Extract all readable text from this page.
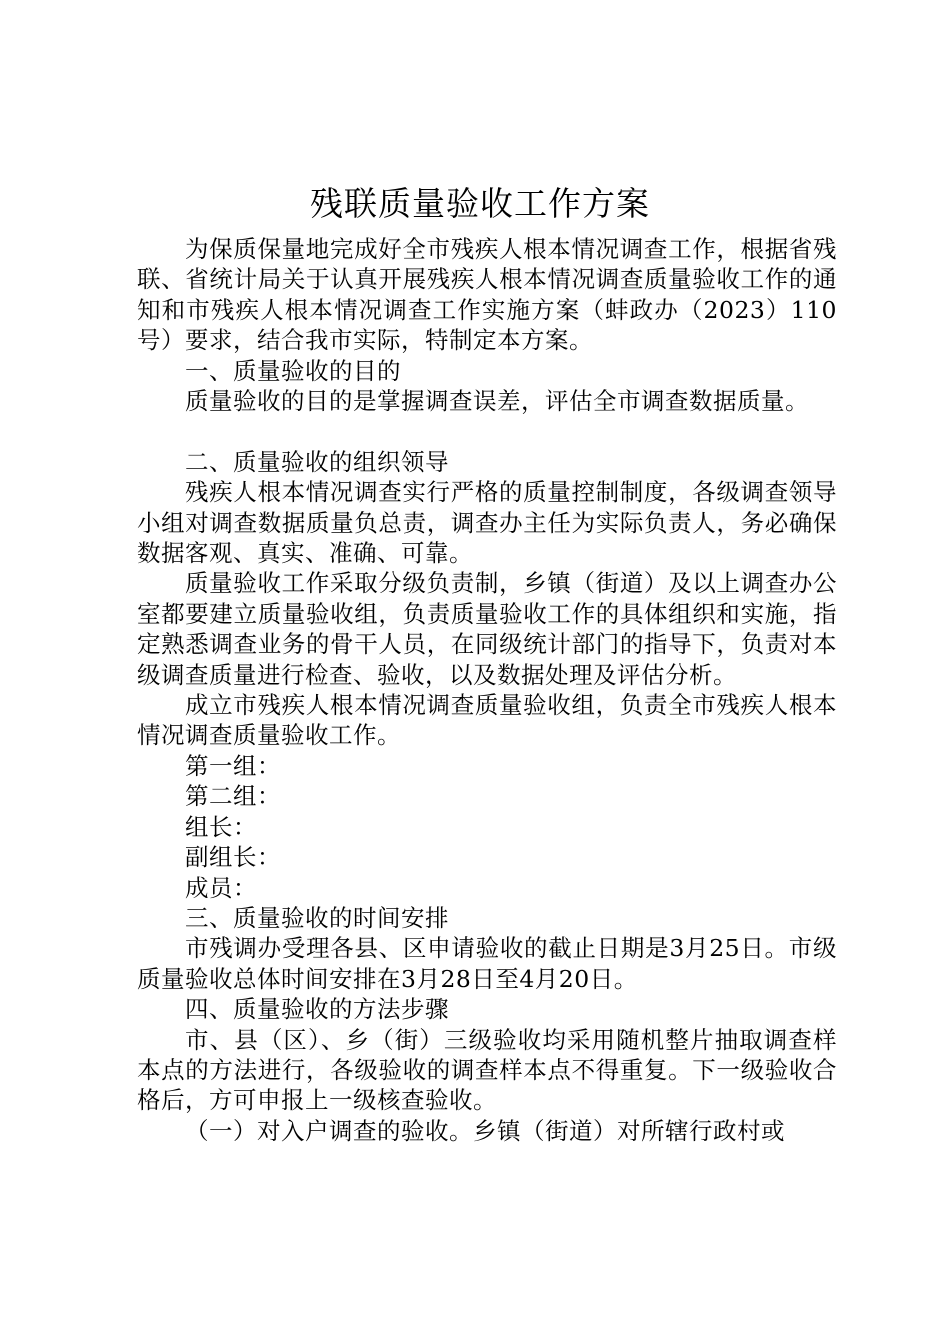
残联质量验收工作方案

为保质保量地完成好全市残疾人根本情况调查工作，根据省残联、省统计局关于认真开展残疾人根本情况调查质量验收工作的通知和市残疾人根本情况调查工作实施方案（蚌政办（2023）110号）要求，结合我市实际，特制定本方案。

一、质量验收的目的

质量验收的目的是掌握调查误差，评估全市调查数据质量。

二、质量验收的组织领导

残疾人根本情况调查实行严格的质量控制制度，各级调查领导小组对调查数据质量负总责，调查办主任为实际负责人，务必确保数据客观、真实、准确、可靠。

质量验收工作采取分级负责制，乡镇（街道）及以上调查办公室都要建立质量验收组，负责质量验收工作的具体组织和实施，指定熟悉调查业务的骨干人员，在同级统计部门的指导下，负责对本级调查质量进行检查、验收，以及数据处理及评估分析。

成立市残疾人根本情况调查质量验收组，负责全市残疾人根本情况调查质量验收工作。

第一组：

第二组：

组长：

副组长：

成员：

三、质量验收的时间安排

市残调办受理各县、区申请验收的截止日期是3月25日。市级质量验收总体时间安排在3月28日至4月20日。

四、质量验收的方法步骤

市、县（区）、乡（街）三级验收均采用随机整片抽取调查样本点的方法进行，各级验收的调查样本点不得重复。下一级验收合格后，方可申报上一级核查验收。

（一）对入户调查的验收。乡镇（街道）对所辖行政村或
